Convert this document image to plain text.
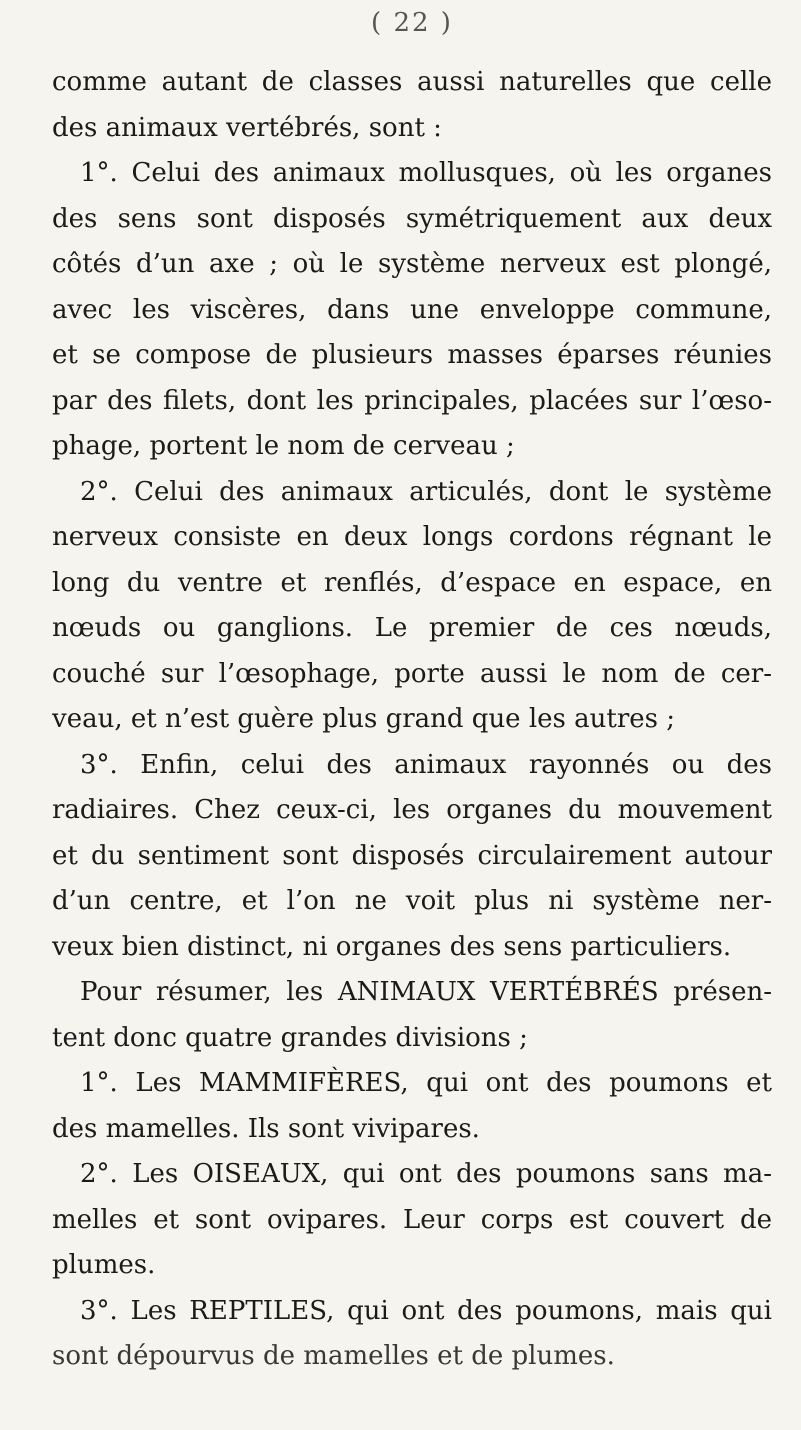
( 22 )
comme autant de classes aussi naturelles que celle
des animaux vertébrés, sont :
1°. Celui des animaux mollusques, où les organes
des sens sont disposés symétriquement aux deux
côtés d’un axe ; où le système nerveux est plongé,
avec les viscères, dans une enveloppe commune,
et se compose de plusieurs masses éparses réunies
par des filets, dont les principales, placées sur l’œso-
phage, portent le nom de cerveau ;
2°. Celui des animaux articulés, dont le système
nerveux consiste en deux longs cordons régnant le
long du ventre et renflés, d’espace en espace, en
nœuds ou ganglions. Le premier de ces nœuds,
couché sur l’œsophage, porte aussi le nom de cer-
veau, et n’est guère plus grand que les autres ;
3°. Enfin, celui des animaux rayonnés ou des
radiaires. Chez ceux-ci, les organes du mouvement
et du sentiment sont disposés circulairement autour
d’un centre, et l’on ne voit plus ni système ner-
veux bien distinct, ni organes des sens particuliers.
Pour résumer, les ANIMAUX VERTÉBRÉS présen-
tent donc quatre grandes divisions ;
1°. Les MAMMIFÈRES, qui ont des poumons et
des mamelles. Ils sont vivipares.
2°. Les OISEAUX, qui ont des poumons sans ma-
melles et sont ovipares. Leur corps est couvert de
plumes.
3°. Les REPTILES, qui ont des poumons, mais qui
sont dépourvus de mamelles et de plumes.
